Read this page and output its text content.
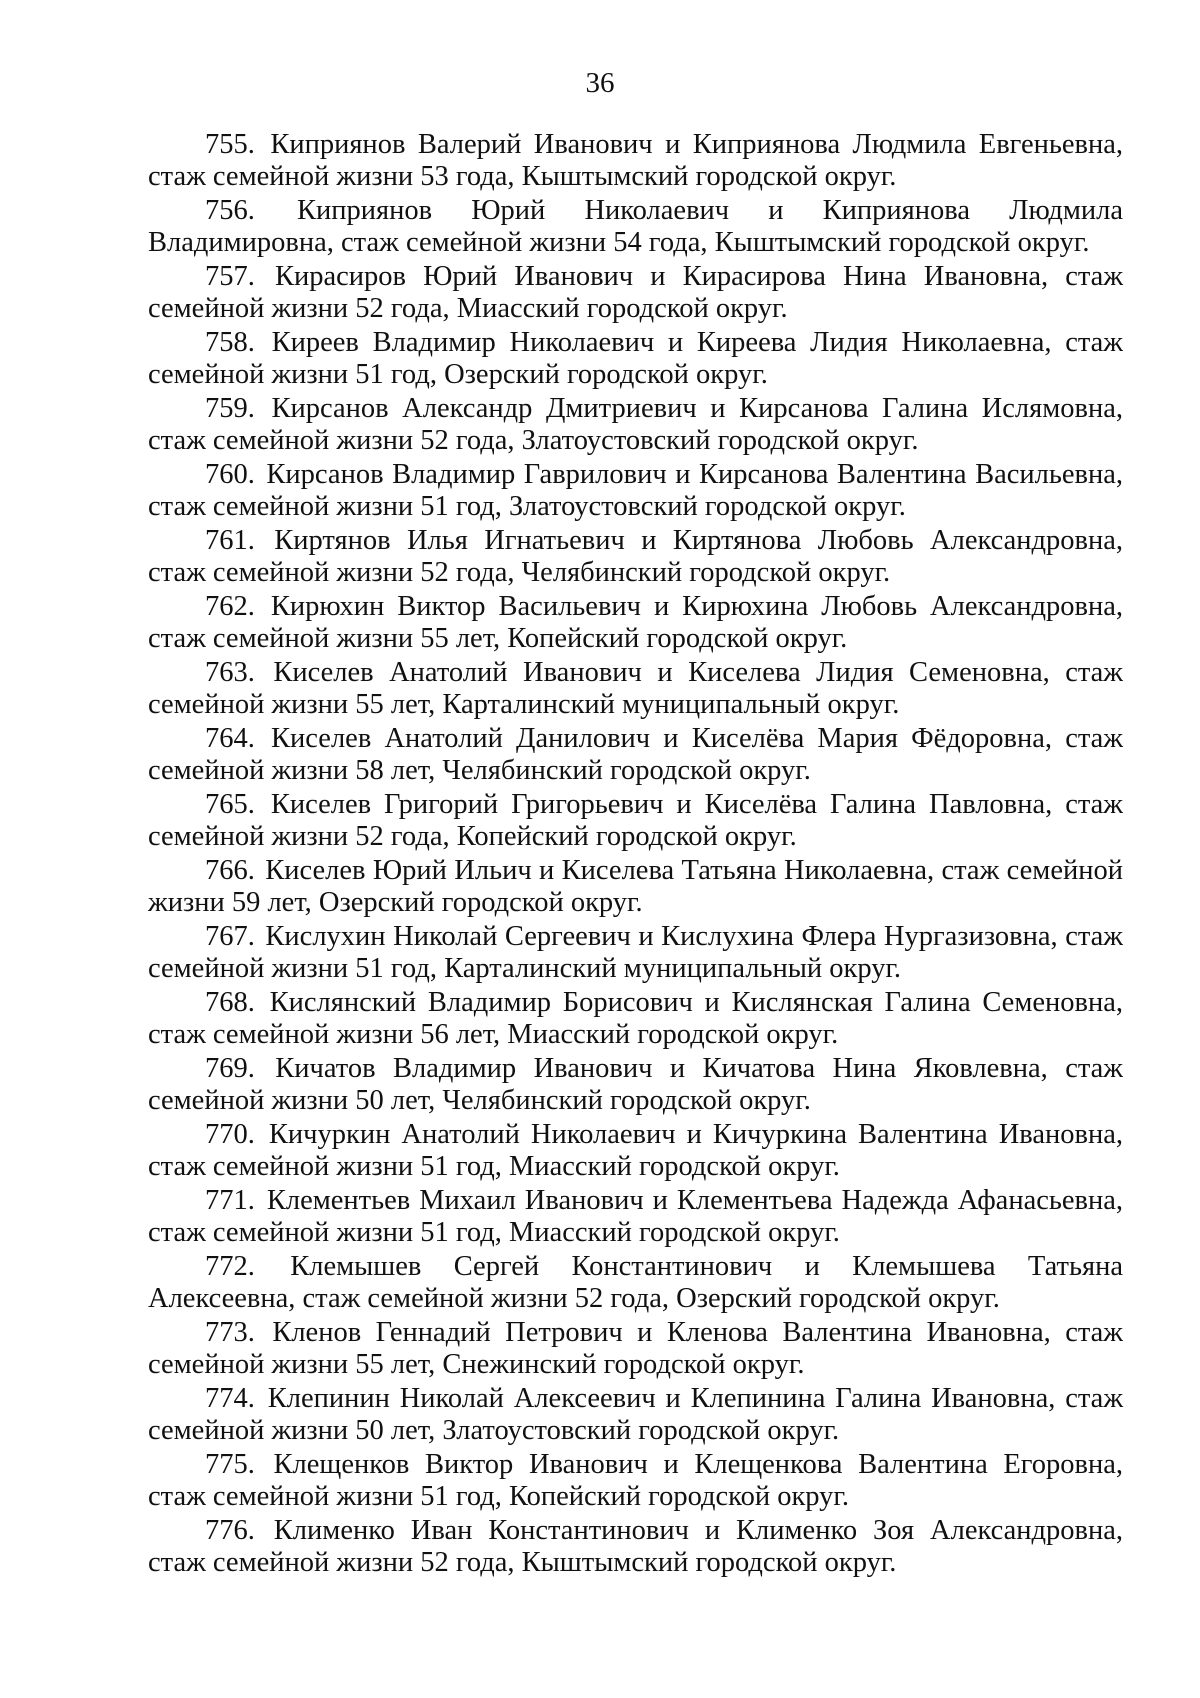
36

755. Киприянов Валерий Иванович и Киприянова Людмила Евгеньевна, стаж семейной жизни 53 года, Кыштымский городской округ.

756. Киприянов Юрий Николаевич и Киприянова Людмила Владимировна, стаж семейной жизни 54 года, Кыштымский городской округ.

757. Кирасиров Юрий Иванович и Кирасирова Нина Ивановна, стаж семейной жизни 52 года, Миасский городской округ.

758. Киреев Владимир Николаевич и Киреева Лидия Николаевна, стаж семейной жизни 51 год, Озерский городской округ.

759. Кирсанов Александр Дмитриевич и Кирсанова Галина Ислямовна, стаж семейной жизни 52 года, Златоустовский городской округ.

760. Кирсанов Владимир Гаврилович и Кирсанова Валентина Васильевна, стаж семейной жизни 51 год, Златоустовский городской округ.

761. Киртянов Илья Игнатьевич и Киртянова Любовь Александровна, стаж семейной жизни 52 года, Челябинский городской округ.

762. Кирюхин Виктор Васильевич и Кирюхина Любовь Александровна, стаж семейной жизни 55 лет, Копейский городской округ.

763. Киселев Анатолий Иванович и Киселева Лидия Семеновна, стаж семейной жизни 55 лет, Карталинский муниципальный округ.

764. Киселев Анатолий Данилович и Киселёва Мария Фёдоровна, стаж семейной жизни 58 лет, Челябинский городской округ.

765. Киселев Григорий Григорьевич и Киселёва Галина Павловна, стаж семейной жизни 52 года, Копейский городской округ.

766. Киселев Юрий Ильич и Киселева Татьяна Николаевна, стаж семейной жизни 59 лет, Озерский городской округ.

767. Кислухин Николай Сергеевич и Кислухина Флера Нургазизовна, стаж семейной жизни 51 год, Карталинский муниципальный округ.

768. Кислянский Владимир Борисович и Кислянская Галина Семеновна, стаж семейной жизни 56 лет, Миасский городской округ.

769. Кичатов Владимир Иванович и Кичатова Нина Яковлевна, стаж семейной жизни 50 лет, Челябинский городской округ.

770. Кичуркин Анатолий Николаевич и Кичуркина Валентина Ивановна, стаж семейной жизни 51 год, Миасский городской округ.

771. Клементьев Михаил Иванович и Клементьева Надежда Афанасьевна, стаж семейной жизни 51 год, Миасский городской округ.

772. Клемышев Сергей Константинович и Клемышева Татьяна Алексеевна, стаж семейной жизни 52 года, Озерский городской округ.

773. Кленов Геннадий Петрович и Кленова Валентина Ивановна, стаж семейной жизни 55 лет, Снежинский городской округ.

774. Клепинин Николай Алексеевич и Клепинина Галина Ивановна, стаж семейной жизни 50 лет, Златоустовский городской округ.

775. Клещенков Виктор Иванович и Клещенкова Валентина Егоровна, стаж семейной жизни 51 год, Копейский городской округ.

776. Клименко Иван Константинович и Клименко Зоя Александровна, стаж семейной жизни 52 года, Кыштымский городской округ.
